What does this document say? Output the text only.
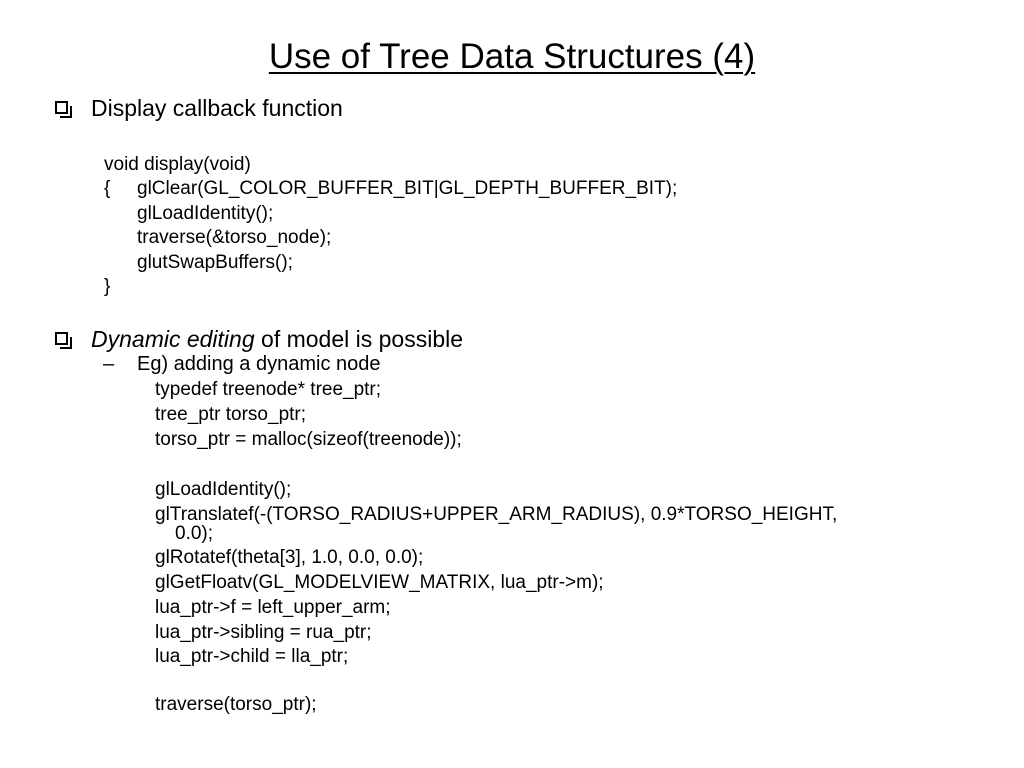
Use of Tree Data Structures (4)
Display callback function
void display(void)
{ glClear(GL_COLOR_BUFFER_BIT|GL_DEPTH_BUFFER_BIT);
glLoadIdentity();
traverse(&torso_node);
glutSwapBuffers();
}
Dynamic editing of model is possible
–	Eg) adding a dynamic node
typedef treenode* tree_ptr;
tree_ptr torso_ptr;
torso_ptr = malloc(sizeof(treenode));
glLoadIdentity();
glTranslatef(-(TORSO_RADIUS+UPPER_ARM_RADIUS), 0.9*TORSO_HEIGHT,
0.0);
glRotatef(theta[3], 1.0, 0.0, 0.0);
glGetFloatv(GL_MODELVIEW_MATRIX, lua_ptr->m);
lua_ptr->f = left_upper_arm;
lua_ptr->sibling = rua_ptr;
lua_ptr->child = lla_ptr;
traverse(torso_ptr);
